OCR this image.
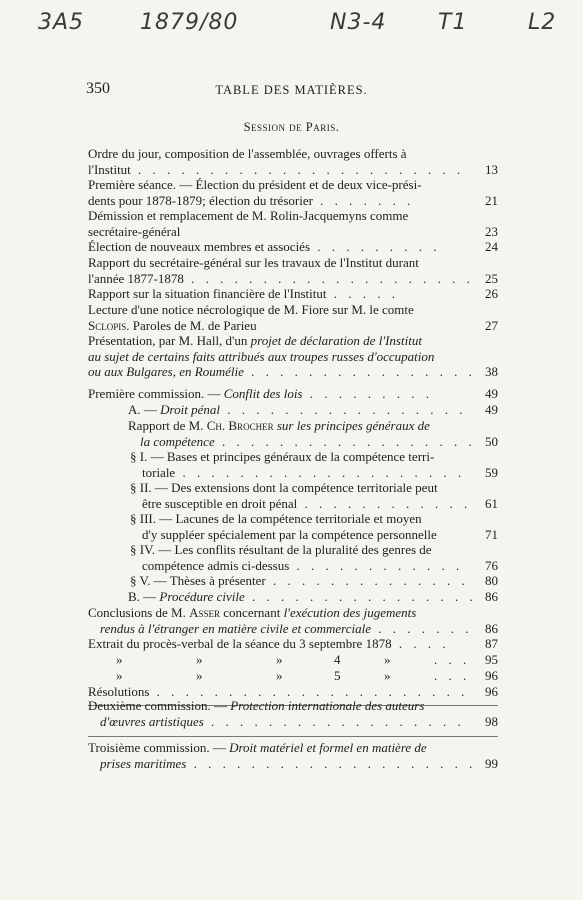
3A5	1879/80	N3-4 T1	L2
350	TABLE DES MATIÈRES.
Session de Paris.
Ordre du jour, composition de l'assemblée, ouvrages offerts à
l'Institut . . . . . . . . . . . . . . . . . . . . . . .	13
Première séance. — Élection du président et de deux vice-prési-
dents pour 1878-1879; élection du trésorier . . . . . . .	21
Démission et remplacement de M. Rolin-Jacquemyns comme
secrétaire-général	23
Élection de nouveaux membres et associés . . . . . . . . .	24
Rapport du secrétaire-général sur les travaux de l'Institut durant
l'année 1877-1878 . . . . . . . . . . . . . . . . . . . . 25
Rapport sur la situation financière de l'Institut . . . . .	26
Lecture d'une notice nécrologique de M. Fiore sur M. le comte
Sclopis. Paroles de M. de Parieu	27
Présentation, par M. Hall, d'un projet de déclaration de l'Institut
au sujet de certains faits attribués aux troupes russes d'occupation
ou aux Bulgares, en Roumélie . . . . . . . . . . . . . . . . 38
Première commission. — Conflit des lois . . . . . . . . .	49
A. — Droit pénal . . . . . . . . . . . . . . . . .	49
Rapport de M. Ch. Brocher sur les principes généraux de
la compétence . . . . . . . . . . . . . . . . . . 50
§ I. — Bases et principes généraux de la compétence terri-
toriale . . . . . . . . . . . . . . . . . . . .	59
§ II. — Des extensions dont la compétence territoriale peut
être susceptible en droit pénal . . . . . . . . . . . .	61
§ III. — Lacunes de la compétence territoriale et moyen
d'y suppléer spécialement par la compétence personnelle	71
§ IV. — Les conflits résultant de la pluralité des genres de
compétence admis ci-dessus . . . . . . . . . . . .	76
§ V. — Thèses à présenter . . . . . . . . . . . . . .	80
B. — Procédure civile . . . . . . . . . . . . . . . . 86
Conclusions de M. Asser concernant l'exécution des jugements
rendus à l'étranger en matière civile et commerciale . . . . . . . 86
Extrait du procès-verbal de la séance du 3 septembre 1878 . . . .	87
»	»	»	4	»	. . . 95
»	»	»	5	»	. . . 96
Résolutions . . . . . . . . . . . . . . . . . . . . . .	96
Deuxième commission. — Protection internationale des auteurs
d'œuvres artistiques . . . . . . . . . . . . . . . . . .	98
Troisième commission. — Droit matériel et formel en matière de
prises maritimes . . . . . . . . . . . . . . . . . . . . 99
